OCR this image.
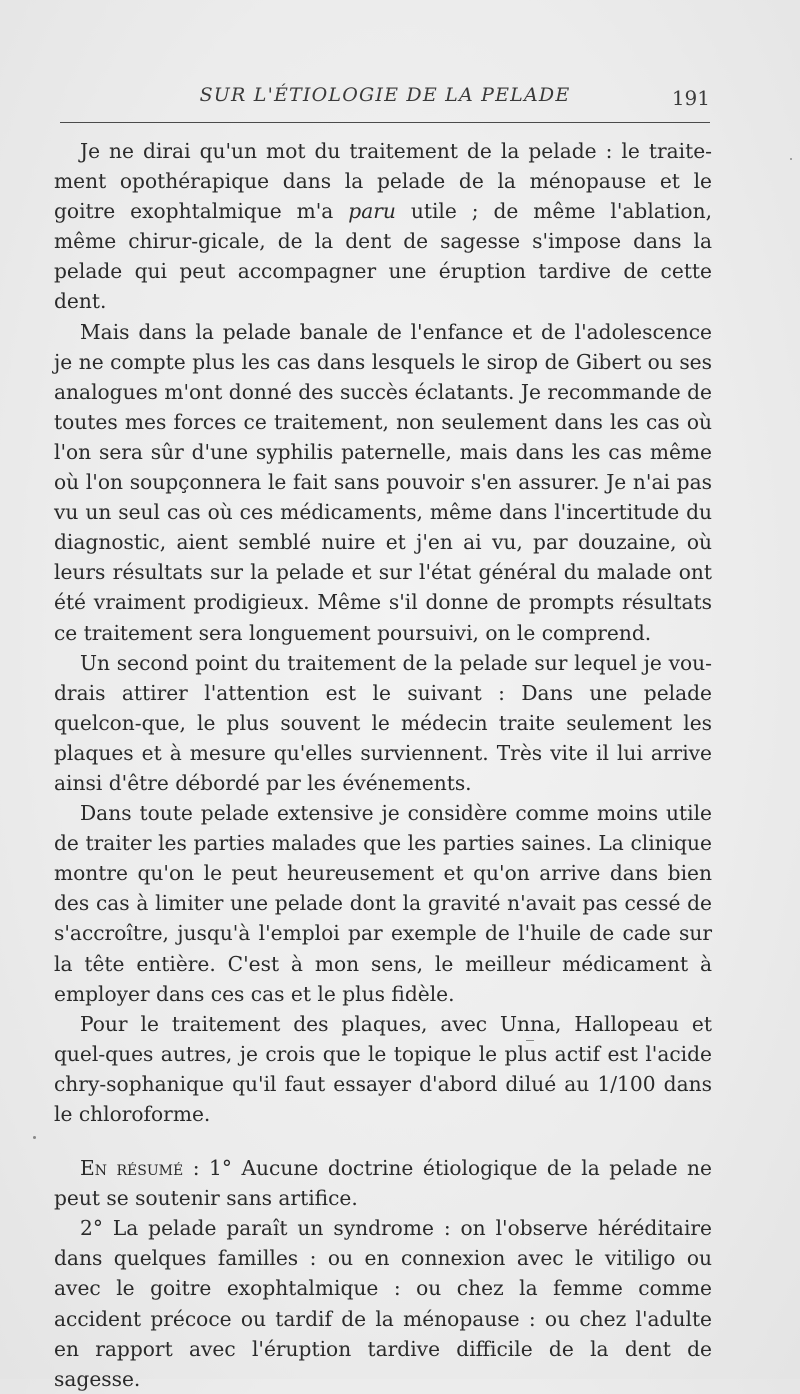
SUR L'ÉTIOLOGIE DE LA PELADE	191

Je ne dirai qu'un mot du traitement de la pelade : le traite-ment opothérapique dans la pelade de la ménopause et le goitre exophtalmique m'a paru utile ; de même l'ablation, même chirur-gicale, de la dent de sagesse s'impose dans la pelade qui peut accompagner une éruption tardive de cette dent.

Mais dans la pelade banale de l'enfance et de l'adolescence je ne compte plus les cas dans lesquels le sirop de Gibert ou ses analogues m'ont donné des succès éclatants. Je recommande de toutes mes forces ce traitement, non seulement dans les cas où l'on sera sûr d'une syphilis paternelle, mais dans les cas même où l'on soupçonnera le fait sans pouvoir s'en assurer. Je n'ai pas vu un seul cas où ces médicaments, même dans l'incertitude du diagnostic, aient semblé nuire et j'en ai vu, par douzaine, où leurs résultats sur la pelade et sur l'état général du malade ont été vraiment prodigieux. Même s'il donne de prompts résultats ce traitement sera longuement poursuivi, on le comprend.

Un second point du traitement de la pelade sur lequel je vou-drais attirer l'attention est le suivant : Dans une pelade quelcon-que, le plus souvent le médecin traite seulement les plaques et à mesure qu'elles surviennent. Très vite il lui arrive ainsi d'être débordé par les événements.

Dans toute pelade extensive je considère comme moins utile de traiter les parties malades que les parties saines. La clinique montre qu'on le peut heureusement et qu'on arrive dans bien des cas à limiter une pelade dont la gravité n'avait pas cessé de s'accroître, jusqu'à l'emploi par exemple de l'huile de cade sur la tête entière. C'est à mon sens, le meilleur médicament à employer dans ces cas et le plus fidèle.

Pour le traitement des plaques, avec Unna, Hallopeau et quel-ques autres, je crois que le topique le plus actif est l'acide chry-sophanique qu'il faut essayer d'abord dilué au 1/100 dans le chloroforme.

En résumé : 1° Aucune doctrine étiologique de la pelade ne peut se soutenir sans artifice.

2° La pelade paraît un syndrome : on l'observe héréditaire dans quelques familles : ou en connexion avec le vitiligo ou avec le goitre exophtalmique : ou chez la femme comme accident précoce ou tardif de la ménopause : ou chez l'adulte en rapport avec l'éruption tardive difficile de la dent de sagesse.
